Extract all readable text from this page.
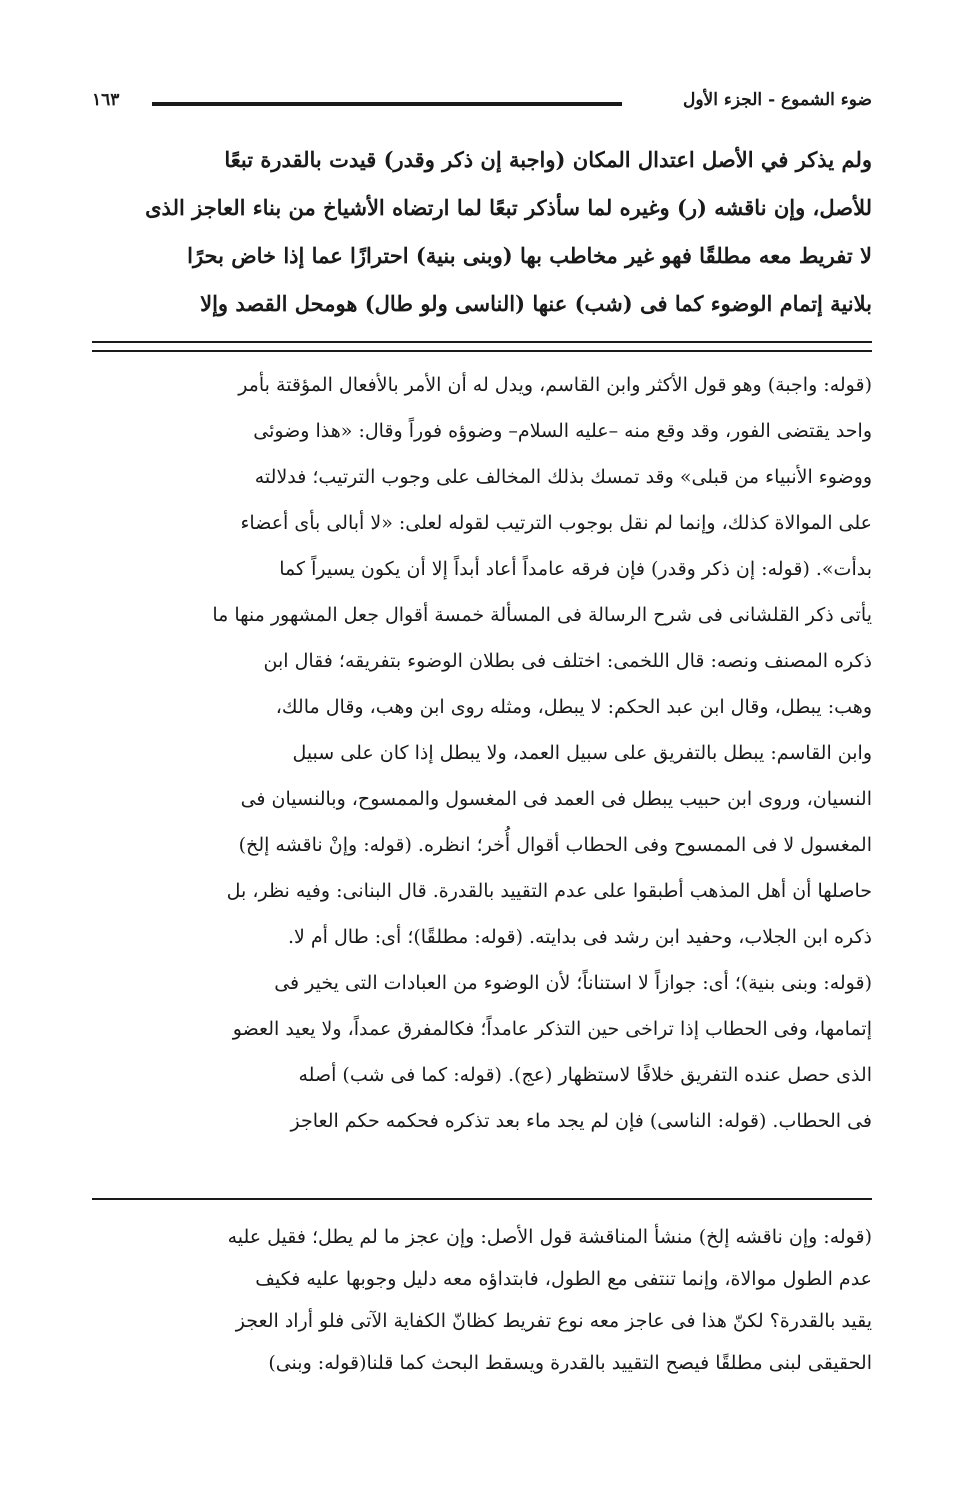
ضوء الشموع - الجزء الأول
١٦٣
ولم يذكر في الأصل اعتدال المكان (واجبة إن ذكر وقدر) قيدت بالقدرة تبعًا
للأصل، وإن ناقشه (ر) وغيره لما سأذكر تبعًا لما ارتضاه الأشياخ من بناء العاجز الذى
لا تفريط معه مطلقًا فهو غير مخاطب بها (وبنى بنية) احترازًا عما إذا خاض بحرًا
بلانية إتمام الوضوء كما فى (شب) عنها (الناسى ولو طال) هومحل القصد وإلا
(قوله: واجبة) وهو قول الأكثر وابن القاسم، ويدل له أن الأمر بالأفعال المؤقتة بأمر
واحد يقتضى الفور، وقد وقع منه –عليه السلام– وضوؤه فوراً وقال: «هذا وضوئى
ووضوء الأنبياء من قبلى» وقد تمسك بذلك المخالف على وجوب الترتيب؛ فدلالته
على الموالاة كذلك، وإنما لم نقل بوجوب الترتيب لقوله لعلى: «لا أبالى بأى أعضاء
بدأت». (قوله: إن ذكر وقدر) فإن فرقه عامداً أعاد أبداً إلا أن يكون يسيراً كما
يأتى ذكر القلشانى فى شرح الرسالة فى المسألة خمسة أقوال جعل المشهور منها ما
ذكره المصنف ونصه: قال اللخمى: اختلف فى بطلان الوضوء بتفريقه؛ فقال ابن
وهب: يبطل، وقال ابن عبد الحكم: لا يبطل، ومثله روى ابن وهب، وقال مالك،
وابن القاسم: يبطل بالتفريق على سبيل العمد، ولا يبطل إذا كان على سبيل
النسيان، وروى ابن حبيب يبطل فى العمد فى المغسول والممسوح، وبالنسيان فى
المغسول لا فى الممسوح وفى الحطاب أقوال أُخر؛ انظره. (قوله: وإنْ ناقشه إلخ)
حاصلها أن أهل المذهب أطبقوا على عدم التقييد بالقدرة. قال البنانى: وفيه نظر، بل
ذكره ابن الجلاب، وحفيد ابن رشد فى بدايته. (قوله: مطلقًا)؛ أى: طال أم لا.
(قوله: وبنى بنية)؛ أى: جوازاً لا استناناً؛ لأن الوضوء من العبادات التى يخير فى
إتمامها، وفى الحطاب إذا تراخى حين التذكر عامداً؛ فكالمفرق عمداً، ولا يعيد العضو
الذى حصل عنده التفريق خلافًا لاستظهار (عج). (قوله: كما فى شب) أصله
فى الحطاب. (قوله: الناسى) فإن لم يجد ماء بعد تذكره فحكمه حكم العاجز
(قوله: وإن ناقشه إلخ) منشأ المناقشة قول الأصل: وإن عجز ما لم يطل؛ فقيل عليه
عدم الطول موالاة، وإنما تنتفى مع الطول، فابتداؤه معه دليل وجوبها عليه فكيف
يقيد بالقدرة؟ لكنّ هذا فى عاجز معه نوع تفريط كظانّ الكفاية الآتى فلو أراد العجز
الحقيقى لبنى مطلقًا فيصح التقييد بالقدرة ويسقط البحث كما قلنا(قوله: وبنى)
